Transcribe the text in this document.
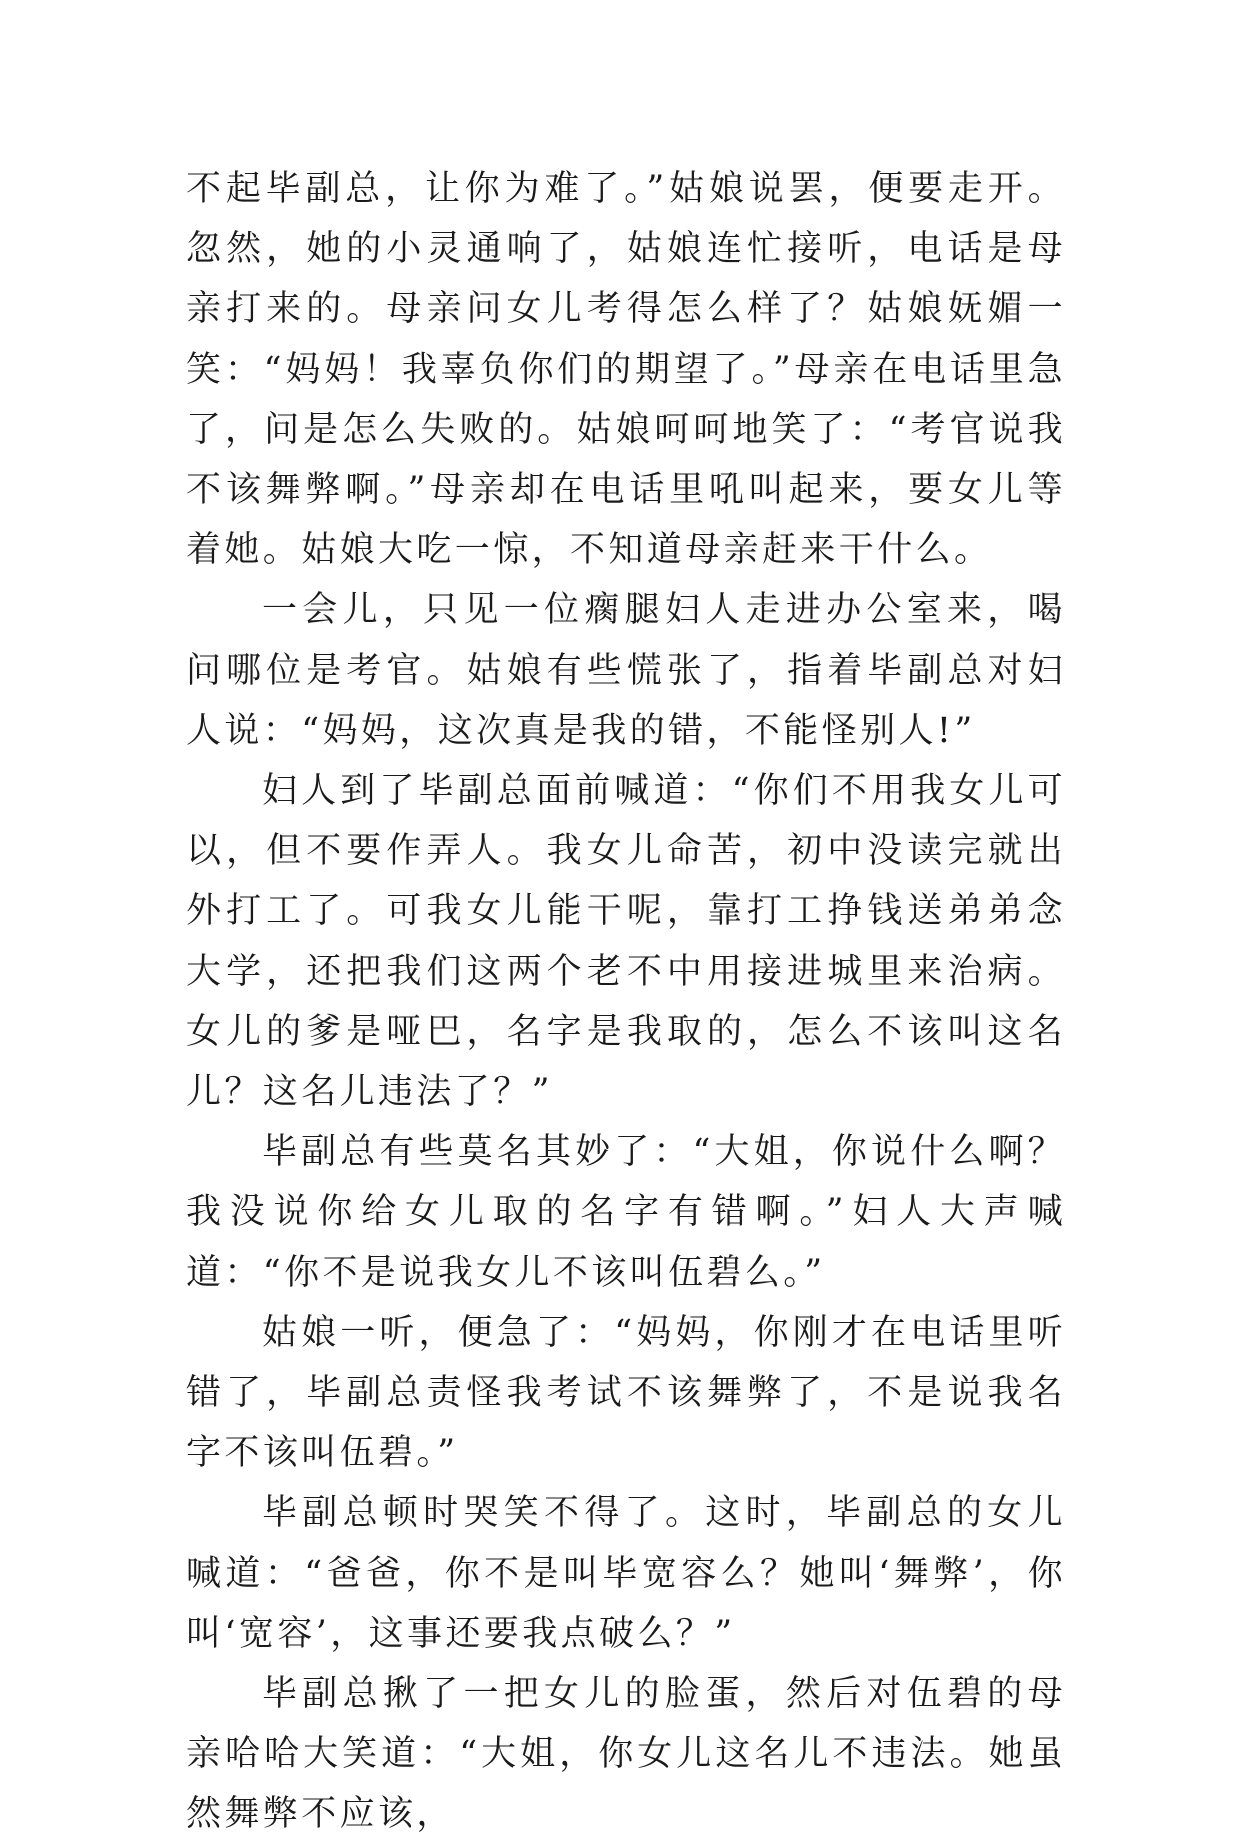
不起毕副总，让你为难了。”姑娘说罢，便要走开。忽然，她的小灵通响了，姑娘连忙接听，电话是母亲打来的。母亲问女儿考得怎么样了？姑娘妩媚一笑：“妈妈！我辜负你们的期望了。”母亲在电话里急了，问是怎么失败的。姑娘呵呵地笑了：“考官说我不该舞弊啊。”母亲却在电话里吼叫起来，要女儿等着她。姑娘大吃一惊，不知道母亲赶来干什么。

一会儿，只见一位瘸腿妇人走进办公室来，喝问哪位是考官。姑娘有些慌张了，指着毕副总对妇人说：“妈妈，这次真是我的错，不能怪别人!”

妇人到了毕副总面前喊道：“你们不用我女儿可以，但不要作弄人。我女儿命苦，初中没读完就出外打工了。可我女儿能干呢，靠打工挣钱送弟弟念大学，还把我们这两个老不中用接进城里来治病。女儿的爹是哑巴，名字是我取的，怎么不该叫这名儿？这名儿违法了？”

毕副总有些莫名其妙了：“大姐，你说什么啊？我没说你给女儿取的名字有错啊。”妇人大声喊道：“你不是说我女儿不该叫伍碧么。”

姑娘一听，便急了：“妈妈，你刚才在电话里听错了，毕副总责怪我考试不该舞弊了，不是说我名字不该叫伍碧。”

毕副总顿时哭笑不得了。这时，毕副总的女儿喊道：“爸爸，你不是叫毕宽容么？她叫‘舞弊’，你叫‘宽容’，这事还要我点破么？”

毕副总揪了一把女儿的脸蛋，然后对伍碧的母亲哈哈大笑道：“大姐，你女儿这名儿不违法。她虽然舞弊不应该，
